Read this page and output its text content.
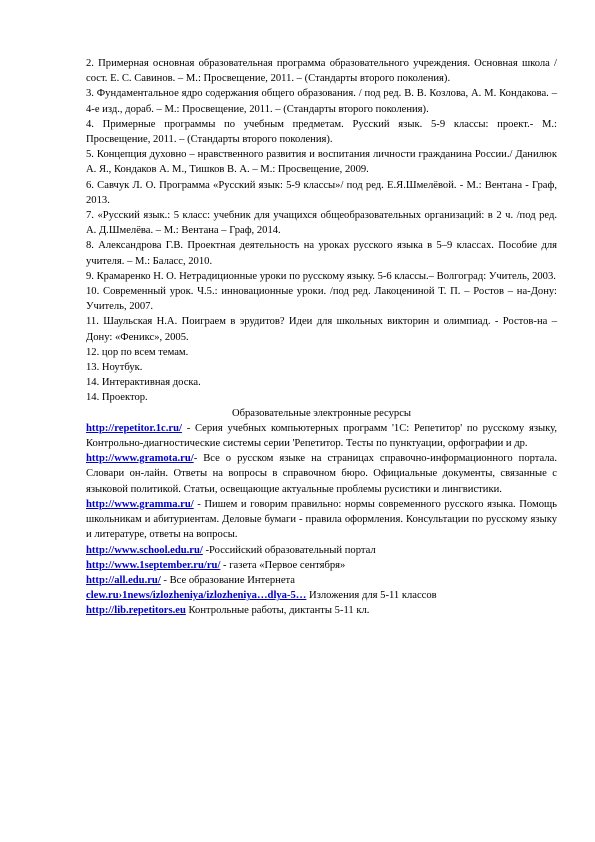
2. Примерная основная образовательная программа образовательного учреждения. Основная школа / сост. Е. С. Савинов. – М.: Просвещение, 2011. – (Стандарты второго поколения).

3. Фундаментальное ядро содержания общего образования. / под ред. В. В. Козлова, А. М. Кондакова. – 4-е изд., дораб. – М.: Просвещение, 2011. – (Стандарты второго поколения).

4. Примерные программы по учебным предметам. Русский язык. 5-9 классы: проект.- М.: Просвещение, 2011. – (Стандарты второго поколения).

5. Концепция духовно – нравственного развития и воспитания личности гражданина России./ Данилюк А. Я., Кондаков А. М., Тишков В. А. – М.: Просвещение, 2009.

6. Савчук Л. О. Программа «Русский язык: 5-9 классы»/ под ред. Е.Я.Шмелёвой. - М.: Вентана - Граф, 2013.

7. «Русский язык.: 5 класс: учебник для учащихся общеобразовательных организаций: в 2 ч. /под ред. А. Д.Шмелёва. – М.: Вентана – Граф, 2014.

8. Александрова Г.В. Проектная деятельность на уроках русского языка в 5–9 классах. Пособие для учителя. – М.: Баласс, 2010.

9. Крамаренко Н. О. Нетрадиционные уроки по русскому языку. 5-6 классы.– Волгоград: Учитель, 2003.

10. Современный урок. Ч.5.: инновационные уроки. /под ред. Лакоцениной Т. П. – Ростов – на-Дону: Учитель, 2007.

11. Шаульская Н.А. Поиграем в эрудитов? Идеи для школьных викторин и олимпиад. - Ростов-на –Дону: «Феникс», 2005.

12. цор по всем темам.

13. Ноутбук.

14. Интерактивная доска.

14. Проектор.

Образовательные электронные ресурсы

http://repetitor.1c.ru/ - Серия учебных компьютерных программ '1С: Репетитор' по русскому языку, Контрольно-диагностические системы серии 'Репетитор. Тесты по пунктуации, орфографии и др.

http://www.gramota.ru/- Все о русском языке на страницах справочно-информационного портала. Словари он-лайн. Ответы на вопросы в справочном бюро. Официальные документы, связанные с языковой политикой. Статьи, освещающие актуальные проблемы русистики и лингвистики.

http://www.gramma.ru/ - Пишем и говорим правильно: нормы современного русского языка. Помощь школьникам и абитуриентам. Деловые бумаги - правила оформления. Консультации по русскому языку и литературе, ответы на вопросы.

http://www.school.edu.ru/ -Российский образовательный портал

http://www.1september.ru/ru/ - газета «Первое сентября»

http://all.edu.ru/ - Все образование Интернета

clew.ru›1news/izlozheniya/izlozheniya…dlya-5… Изложения для 5-11 классов

http://lib.repetitors.eu Контрольные работы, диктанты 5-11 кл.
